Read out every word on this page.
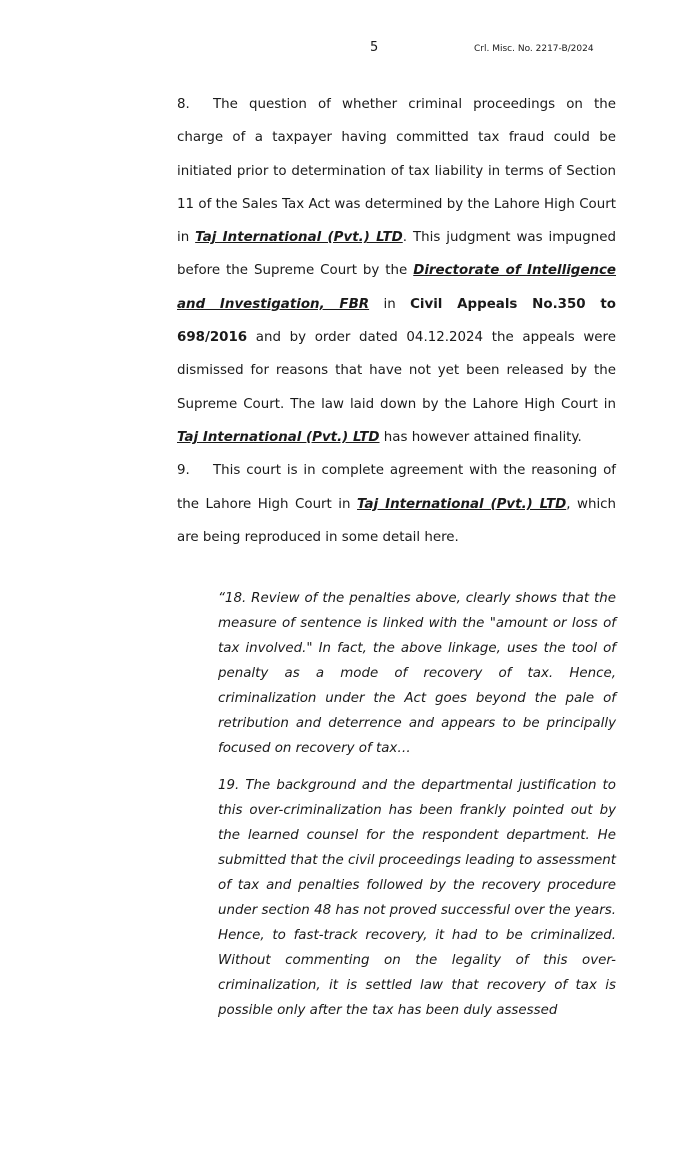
5	Crl. Misc. No. 2217-B/2024

8. The question of whether criminal proceedings on the charge of a taxpayer having committed tax fraud could be initiated prior to determination of tax liability in terms of Section 11 of the Sales Tax Act was determined by the Lahore High Court in Taj International (Pvt.) LTD. This judgment was impugned before the Supreme Court by the Directorate of Intelligence and Investigation, FBR in Civil Appeals No.350 to 698/2016 and by order dated 04.12.2024 the appeals were dismissed for reasons that have not yet been released by the Supreme Court. The law laid down by the Lahore High Court in Taj International (Pvt.) LTD has however attained finality.

9. This court is in complete agreement with the reasoning of the Lahore High Court in Taj International (Pvt.) LTD, which are being reproduced in some detail here.

“18. Review of the penalties above, clearly shows that the measure of sentence is linked with the "amount or loss of tax involved." In fact, the above linkage, uses the tool of penalty as a mode of recovery of tax. Hence, criminalization under the Act goes beyond the pale of retribution and deterrence and appears to be principally focused on recovery of tax…

19. The background and the departmental justification to this over-criminalization has been frankly pointed out by the learned counsel for the respondent department. He submitted that the civil proceedings leading to assessment of tax and penalties followed by the recovery procedure under section 48 has not proved successful over the years. Hence, to fast-track recovery, it had to be criminalized. Without commenting on the legality of this over-criminalization, it is settled law that recovery of tax is possible only after the tax has been duly assessed
